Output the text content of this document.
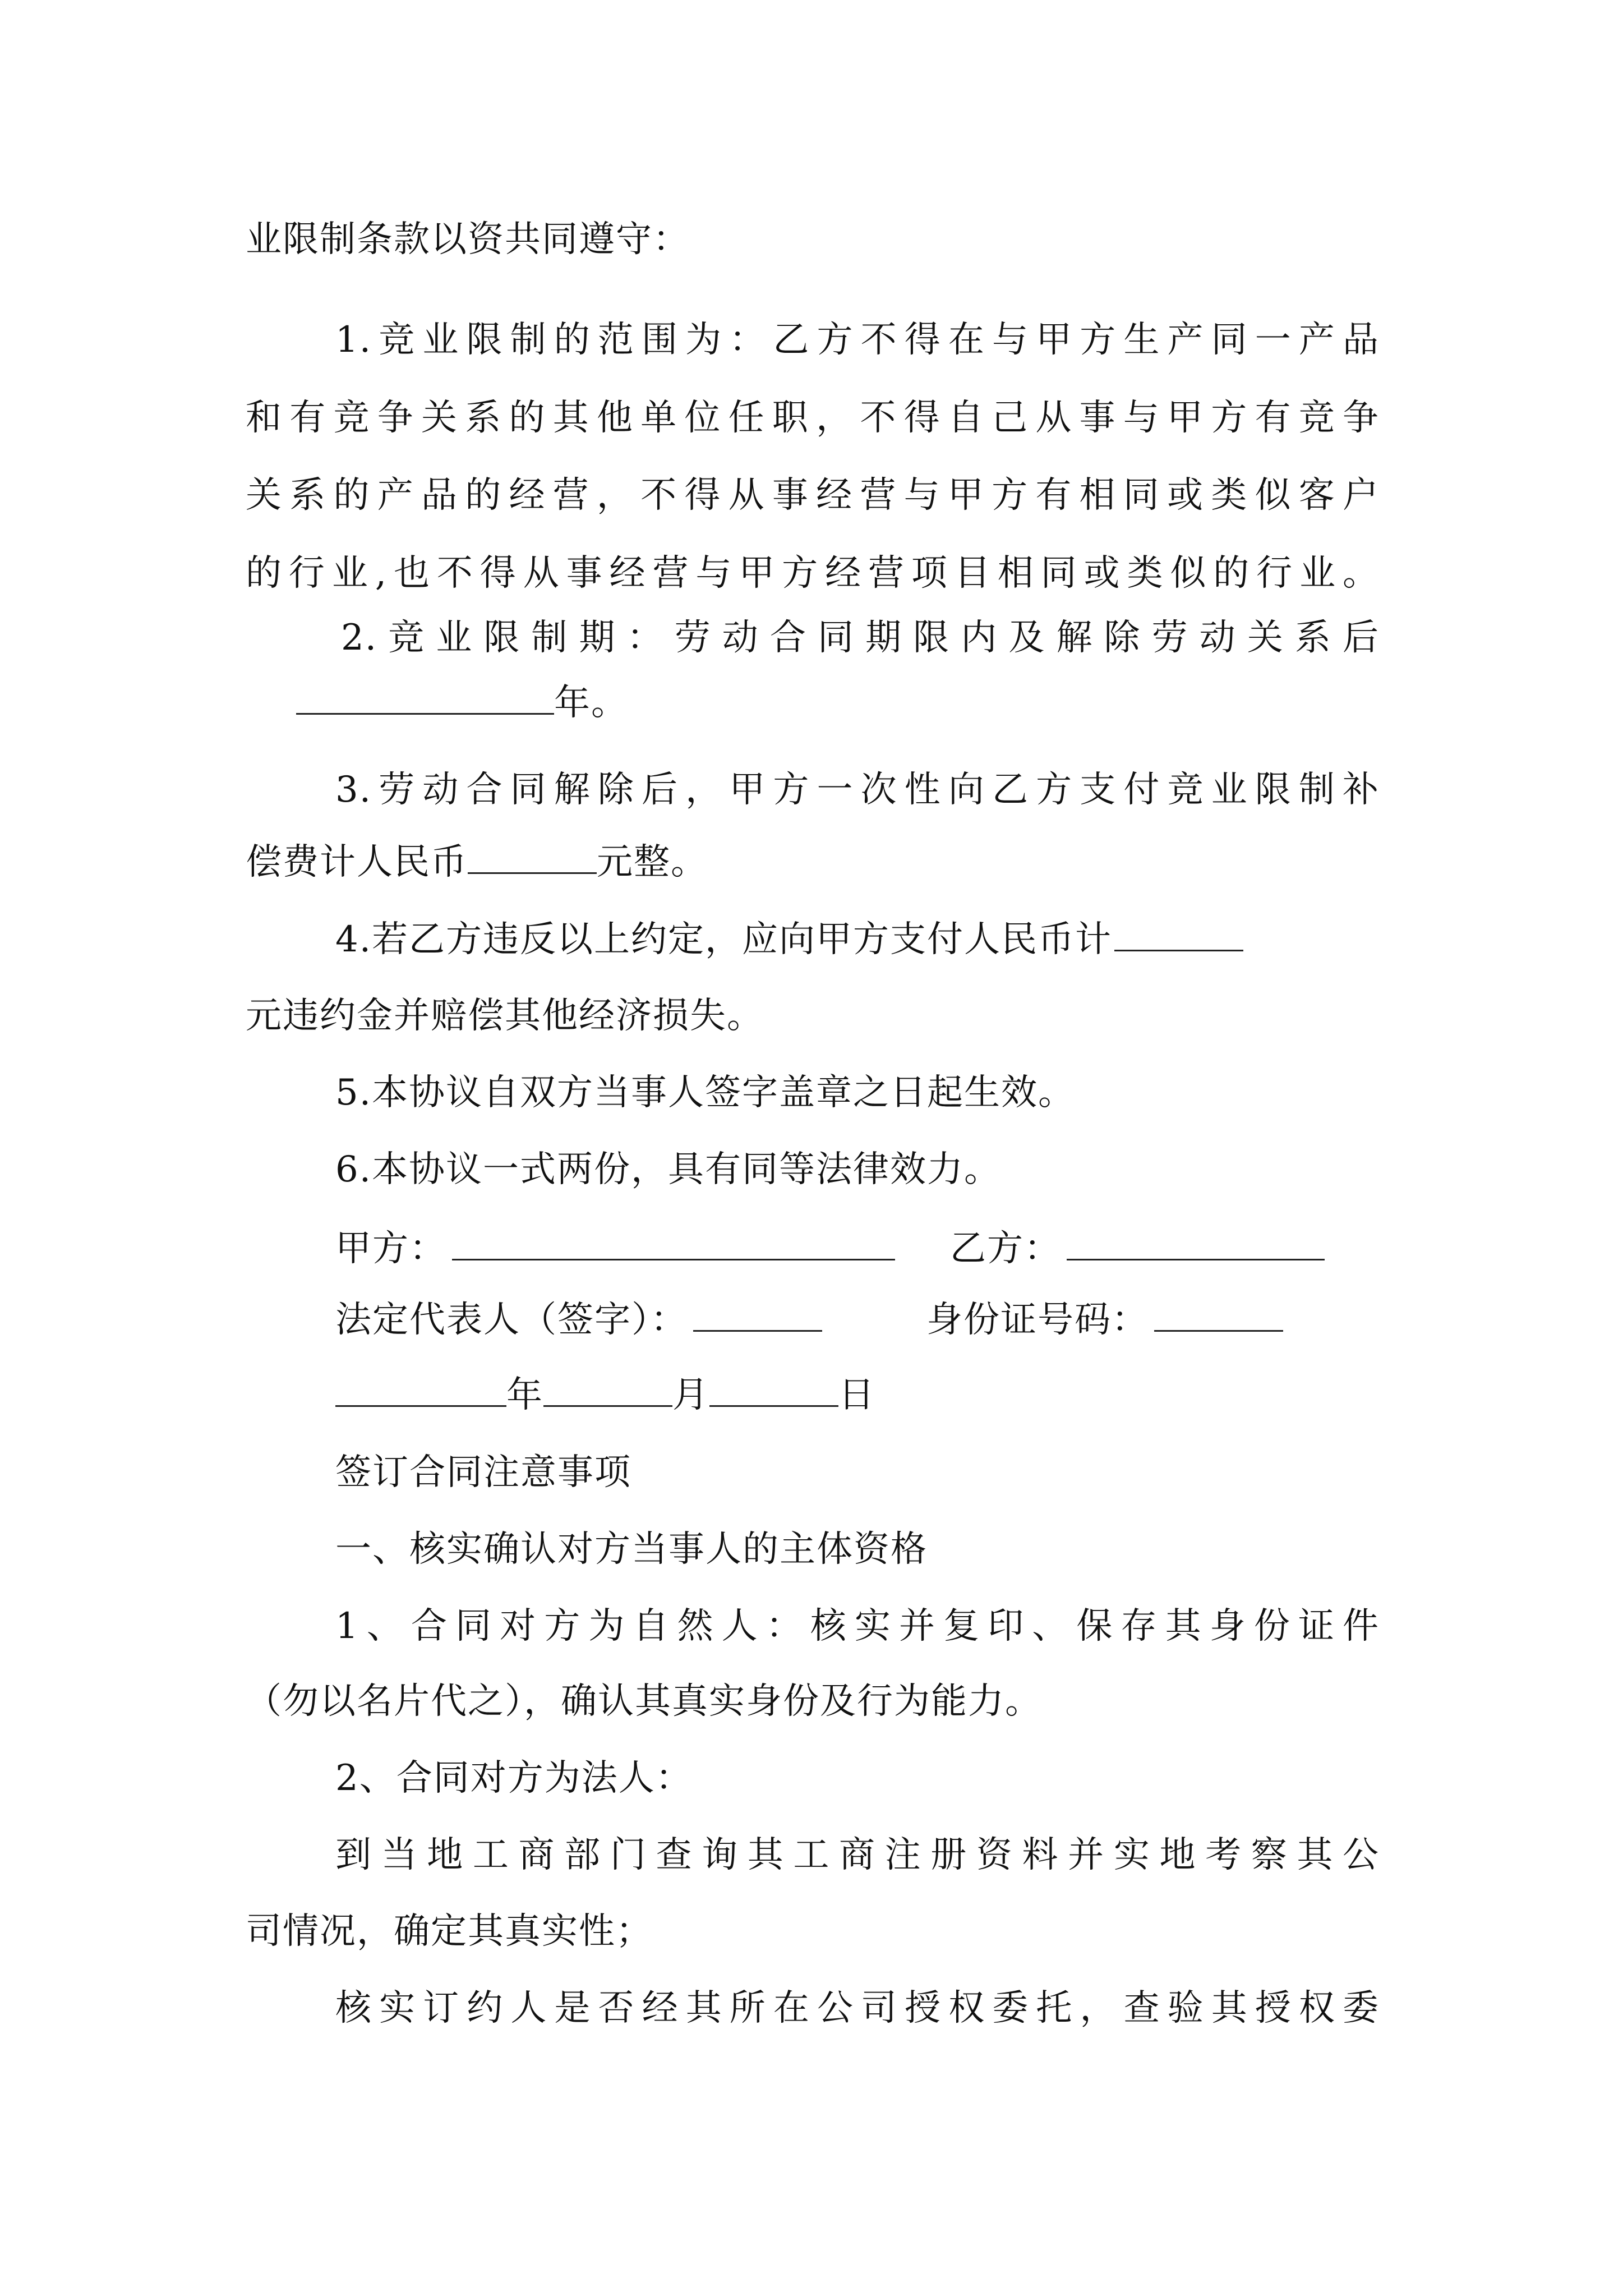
业限制条款以资共同遵守：
1.竞业限制的范围为：乙方不得在与甲方生产同一产品
和有竞争关系的其他单位任职，不得自己从事与甲方有竞争
关系的产品的经营，不得从事经营与甲方有相同或类似客户
的行业,也不得从事经营与甲方经营项目相同或类似的行业。
2.竞业限制期：劳动合同期限内及解除劳动关系后
年。
3.劳动合同解除后，甲方一次性向乙方支付竞业限制补
偿费计人民币	元整。
4.若乙方违反以上约定，应向甲方支付人民币计
元违约金并赔偿其他经济损失。
5.本协议自双方当事人签字盖章之日起生效。
6.本协议一式两份，具有同等法律效力。
甲方：	乙方：
法定代表人（签字）：	身份证号码：
年	月	日
签订合同注意事项
一、核实确认对方当事人的主体资格
1、合同对方为自然人：核实并复印、保存其身份证件
（勿以名片代之），确认其真实身份及行为能力。
2、合同对方为法人：
到当地工商部门查询其工商注册资料并实地考察其公
司情况，确定其真实性；
核实订约人是否经其所在公司授权委托，查验其授权委
